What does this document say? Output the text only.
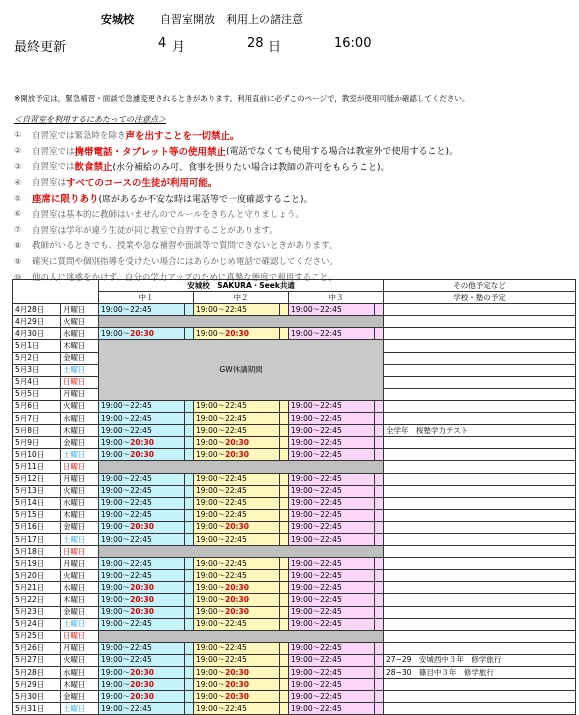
安城校 自習室開放　利用上の諸注意
最終更新	4 月	28 日	16:00
※開放予定は，緊急補習・面談で急遽変更されるときがあります。利用直前に必ずこのページで，教室が使用可能か確認してください。
＜自習室を利用するにあたっての注意点＞
①	自習室では緊急時を除き 声を出すことを一切禁止。
②	自習室では 携帯電話・タブレット等の使用禁止 (電話でなくても使用する場合は教室外で使用すること)。
③	自習室では 飲食禁止 (水分補給のみ可、食事を摂りたい場合は教師の許可をもらうこと)。
④	自習室は すべてのコースの生徒が利用可能。
⑤	座席に限りあり (席があるか不安な時は電話等で一度確認すること)。
⑥	自習室は基本的に教師はいませんのでルールをきちんと守りましょう。
⑦	自習室は学年が違う生徒が同じ教室で自習することがあります。
⑧	教師がいるときでも、授業や急な補習や面談等で質問できないときがあります。
⑨	確実に質問や個別指導を受けたい場合にはあらかじめ電話で確認してください。
⑩	他の人に迷惑をかけず、自分の学力アップのために真摯な態度で利用すること。
		安城校　SAKURA・Seek共通						その他予定など
		中１		中２		中３		学校・塾の予定
4月28日	月曜日	19:00～22:45		19:00～22:45		19:00～22:45		
4月29日	火曜日							
4月30日	水曜日	19:00～20:30		19:00～20:30		19:00～22:45		
5月1日	木曜日	GW休講期間						
5月2日	金曜日							
5月3日	土曜日							
5月4日	日曜日							
5月5日	月曜日							
5月6日	火曜日	19:00～22:45		19:00～22:45		19:00～22:45		
5月7日	水曜日	19:00～22:45		19:00～22:45		19:00～22:45		
5月8日	木曜日	19:00～22:45		19:00～22:45		19:00～22:45		全学年　桜塾学力テスト
5月9日	金曜日	19:00～20:30		19:00～20:30		19:00～22:45		
5月10日	土曜日	19:00～20:30		19:00～20:30		19:00～22:45		
5月11日	日曜日							
5月12日	月曜日	19:00～22:45		19:00～22:45		19:00～22:45		
5月13日	火曜日	19:00～22:45		19:00～22:45		19:00～22:45		
5月14日	水曜日	19:00～22:45		19:00～22:45		19:00～22:45		
5月15日	木曜日	19:00～22:45		19:00～22:45		19:00～22:45		
5月16日	金曜日	19:00～20:30		19:00～20:30		19:00～22:45		
5月17日	土曜日	19:00～22:45		19:00～22:45		19:00～22:45		
5月18日	日曜日							
5月19日	月曜日	19:00～22:45		19:00～22:45		19:00～22:45		
5月20日	火曜日	19:00～22:45		19:00～22:45		19:00～22:45		
5月21日	水曜日	19:00～20:30		19:00～20:30		19:00～22:45		
5月22日	木曜日	19:00～20:30		19:00～20:30		19:00～22:45		
5月23日	金曜日	19:00～20:30		19:00～20:30		19:00～22:45		
5月24日	土曜日	19:00～22:45		19:00～22:45		19:00～22:45		
5月25日	日曜日							
5月26日	月曜日	19:00～22:45		19:00～22:45		19:00～22:45		
5月27日	火曜日	19:00～22:45		19:00～22:45		19:00～22:45		27~29　安城西中３年　修学旅行
5月28日	水曜日	19:00～20:30		19:00～20:30		19:00～22:45		28~30　篠目中３年　修学旅行
5月29日	木曜日	19:00～20:30		19:00～20:30		19:00～22:45		
5月30日	金曜日	19:00～20:30		19:00～20:30		19:00～22:45		
5月31日	土曜日	19:00～22:45		19:00～22:45		19:00～22:45		
